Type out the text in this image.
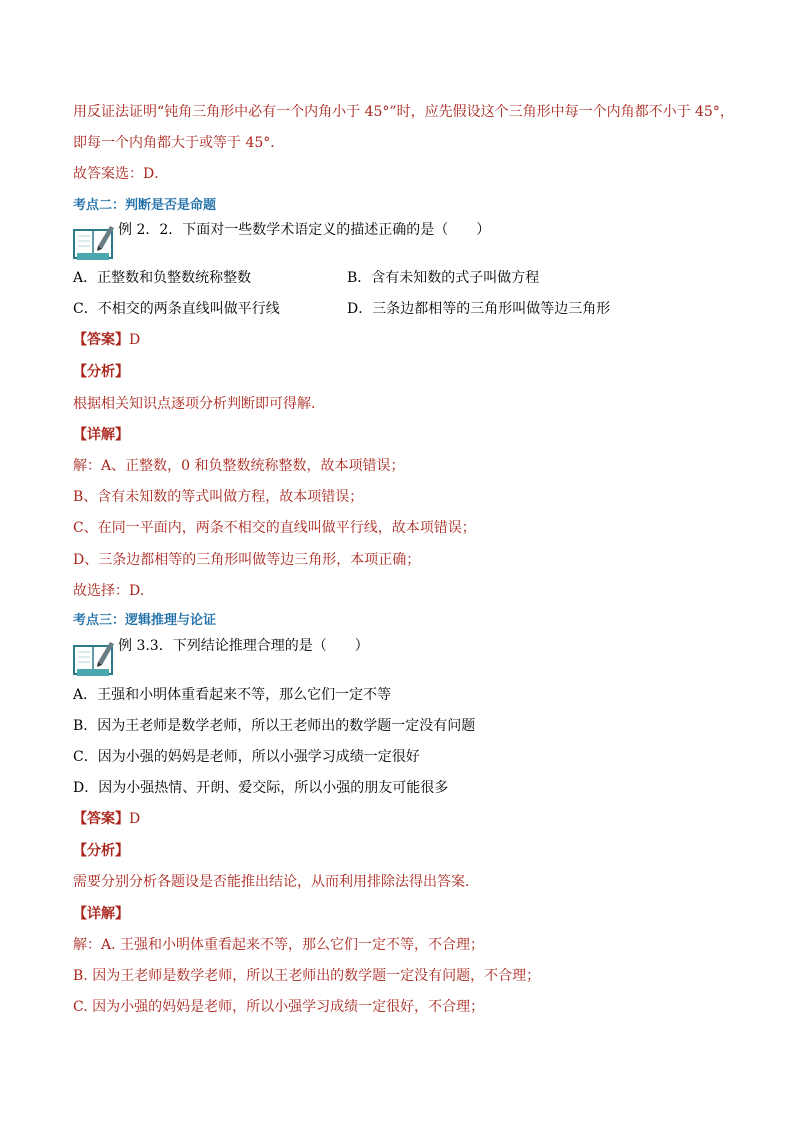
用反证法证明“钝角三角形中必有一个内角小于 45°”时，应先假设这个三角形中每一个内角都不小于 45°，
即每一个内角都大于或等于 45°．
故答案选：D．
考点二：判断是否是命题
例 2．2．下面对一些数学术语定义的描述正确的是（　　）
A．正整数和负整数统称整数	B．含有未知数的式子叫做方程
C．不相交的两条直线叫做平行线	D．三条边都相等的三角形叫做等边三角形
【答案】D
【分析】
根据相关知识点逐项分析判断即可得解．
【详解】
解：A、正整数，0 和负整数统称整数，故本项错误；
B、含有未知数的等式叫做方程，故本项错误；
C、在同一平面内，两条不相交的直线叫做平行线，故本项错误；
D、三条边都相等的三角形叫做等边三角形，本项正确；
故选择：D.
考点三：逻辑推理与论证
例 3.3．下列结论推理合理的是（　　）
A．王强和小明体重看起来不等，那么它们一定不等
B．因为王老师是数学老师，所以王老师出的数学题一定没有问题
C．因为小强的妈妈是老师，所以小强学习成绩一定很好
D．因为小强热情、开朗、爱交际，所以小强的朋友可能很多
【答案】D
【分析】
需要分别分析各题设是否能推出结论，从而利用排除法得出答案．
【详解】
解：A. 王强和小明体重看起来不等，那么它们一定不等，不合理；
B. 因为王老师是数学老师，所以王老师出的数学题一定没有问题，不合理；
C. 因为小强的妈妈是老师，所以小强学习成绩一定很好，不合理；
